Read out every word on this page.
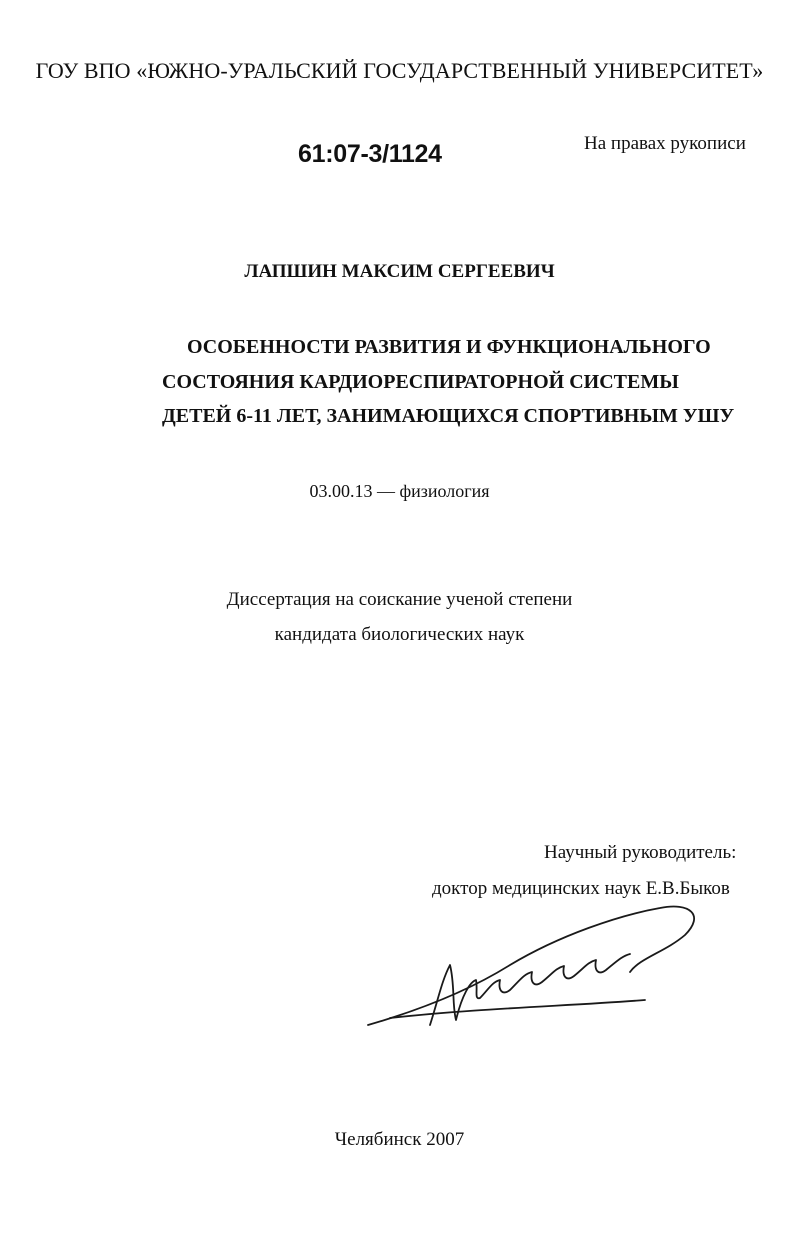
ГОУ ВПО «ЮЖНО-УРАЛЬСКИЙ ГОСУДАРСТВЕННЫЙ УНИВЕРСИТЕТ»
61:07-3/1124	На правах рукописи
ЛАПШИН МАКСИМ СЕРГЕЕВИЧ
ОСОБЕННОСТИ РАЗВИТИЯ И ФУНКЦИОНАЛЬНОГО
СОСТОЯНИЯ КАРДИОРЕСПИРАТОРНОЙ СИСТЕМЫ
ДЕТЕЙ 6-11 ЛЕТ, ЗАНИМАЮЩИХСЯ СПОРТИВНЫМ УШУ
03.00.13 — физиология
Диссертация на соискание ученой степени
кандидата биологических наук
Научный руководитель:
доктор медицинских наук Е.В.Быков
Челябинск 2007
